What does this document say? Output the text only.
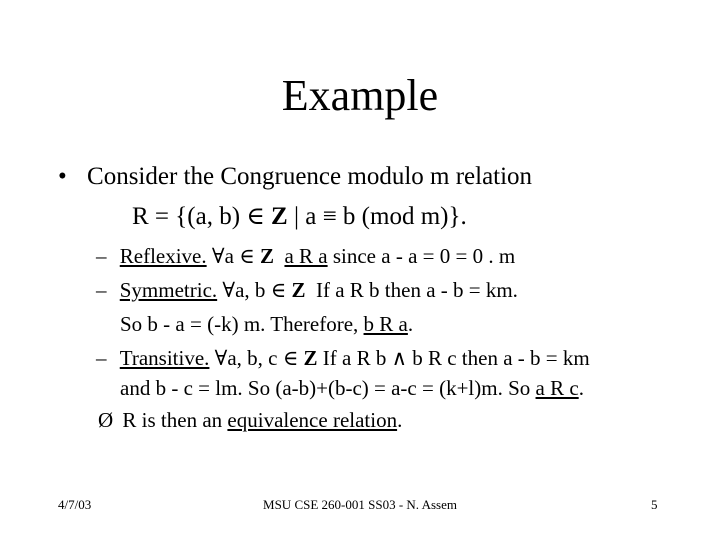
Example
• Consider the Congruence modulo m relation
R = {(a, b) ∈ Z | a ≡ b (mod m)}.
– Reflexive. ∀a ∈ Z a R a since a - a = 0 = 0 . m
– Symmetric. ∀a, b ∈ Z  If a R b then a - b = km.
So b - a = (-k) m. Therefore, b R a.
– Transitive. ∀a, b, c ∈ Z If a R b ∧ b R c then a - b = km
and b - c = lm. So (a-b)+(b-c) = a-c = (k+l)m. So a R c.
Ø R is then an equivalence relation.
4/7/03	MSU CSE 260-001 SS03 - N. Assem	5
